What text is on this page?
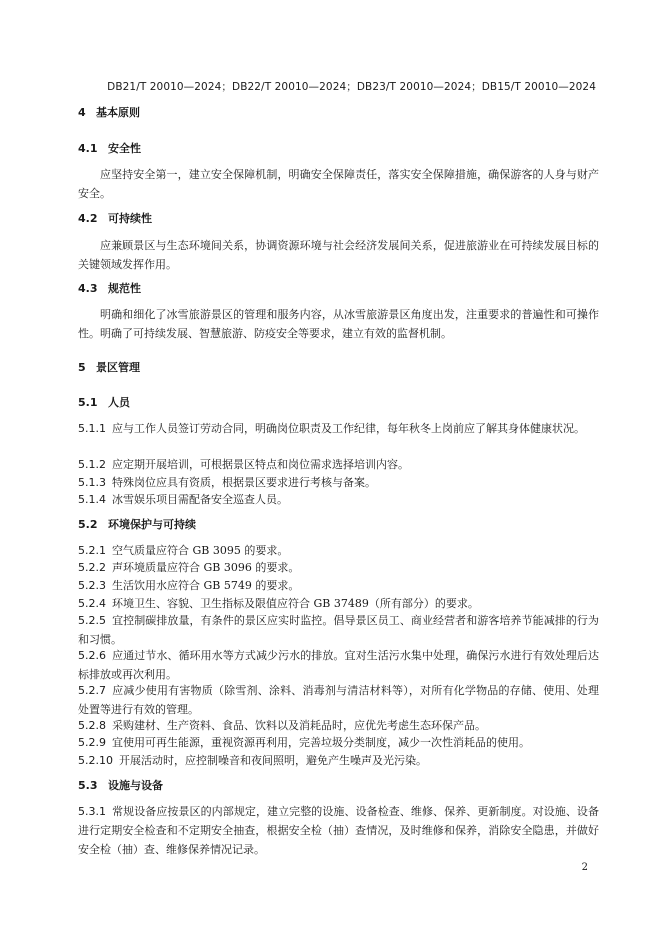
DB21/T 20010—2024；DB22/T 20010—2024；DB23/T 20010—2024；DB15/T 20010—2024
4 基本原则
4.1 安全性
应坚持安全第一，建立安全保障机制，明确安全保障责任，落实安全保障措施，确保游客的人身与财产安全。
4.2 可持续性
应兼顾景区与生态环境间关系，协调资源环境与社会经济发展间关系，促进旅游业在可持续发展目标的关键领域发挥作用。
4.3 规范性
明确和细化了冰雪旅游景区的管理和服务内容，从冰雪旅游景区角度出发，注重要求的普遍性和可操作性。明确了可持续发展、智慧旅游、防疫安全等要求，建立有效的监督机制。
5 景区管理
5.1 人员
5.1.1 应与工作人员签订劳动合同，明确岗位职责及工作纪律，每年秋冬上岗前应了解其身体健康状况。
5.1.2 应定期开展培训，可根据景区特点和岗位需求选择培训内容。
5.1.3 特殊岗位应具有资质，根据景区要求进行考核与备案。
5.1.4 冰雪娱乐项目需配备安全巡查人员。
5.2 环境保护与可持续
5.2.1 空气质量应符合 GB 3095 的要求。
5.2.2 声环境质量应符合 GB 3096 的要求。
5.2.3 生活饮用水应符合 GB 5749 的要求。
5.2.4 环境卫生、容貌、卫生指标及限值应符合 GB 37489（所有部分）的要求。
5.2.5 宜控制碳排放量，有条件的景区应实时监控。倡导景区员工、商业经营者和游客培养节能减排的行为和习惯。
5.2.6 应通过节水、循环用水等方式减少污水的排放。宜对生活污水集中处理，确保污水进行有效处理后达标排放或再次利用。
5.2.7 应减少使用有害物质（除雪剂、涂料、消毒剂与清洁材料等），对所有化学物品的存储、使用、处理处置等进行有效的管理。
5.2.8 采购建材、生产资料、食品、饮料以及消耗品时，应优先考虑生态环保产品。
5.2.9 宜使用可再生能源，重视资源再利用，完善垃圾分类制度，减少一次性消耗品的使用。
5.2.10 开展活动时，应控制噪音和夜间照明，避免产生噪声及光污染。
5.3 设施与设备
5.3.1 常规设备应按景区的内部规定，建立完整的设施、设备检查、维修、保养、更新制度。对设施、设备进行定期安全检查和不定期安全抽查，根据安全检（抽）查情况，及时维修和保养，消除安全隐患，并做好安全检（抽）查、维修保养情况记录。
2
